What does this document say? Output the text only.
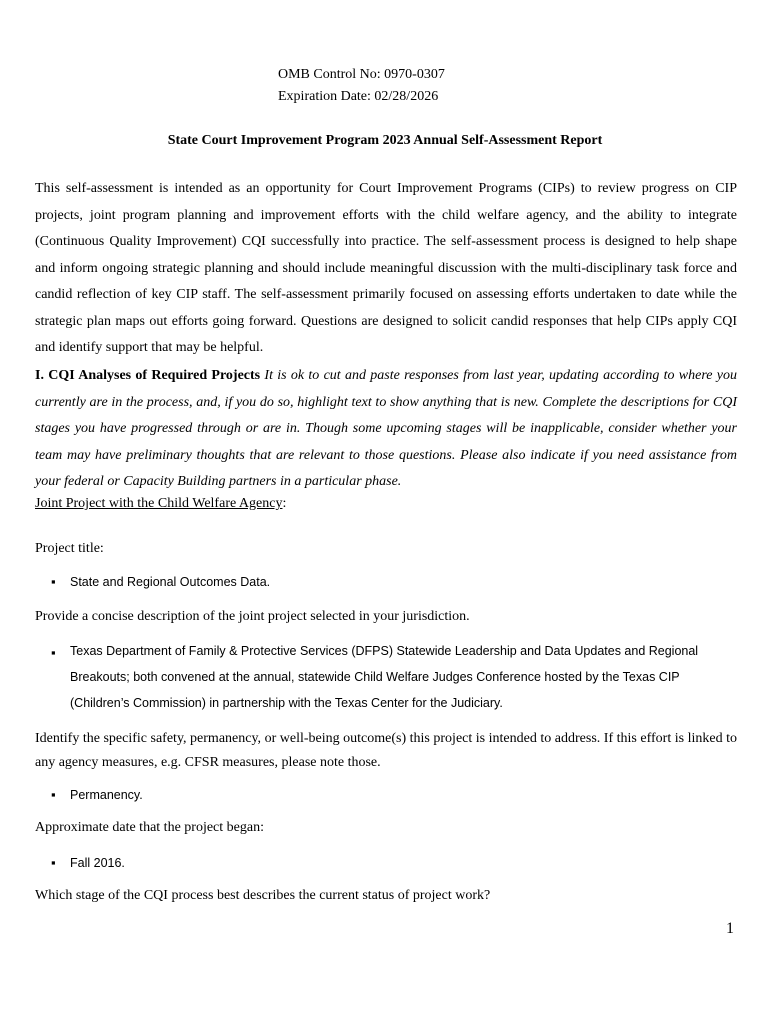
OMB Control No: 0970-0307
Expiration Date: 02/28/2026
State Court Improvement Program 2023 Annual Self-Assessment Report
This self-assessment is intended as an opportunity for Court Improvement Programs (CIPs) to review progress on CIP projects, joint program planning and improvement efforts with the child welfare agency, and the ability to integrate (Continuous Quality Improvement) CQI successfully into practice. The self-assessment process is designed to help shape and inform ongoing strategic planning and should include meaningful discussion with the multi-disciplinary task force and candid reflection of key CIP staff. The self-assessment primarily focused on assessing efforts undertaken to date while the strategic plan maps out efforts going forward. Questions are designed to solicit candid responses that help CIPs apply CQI and identify support that may be helpful.
I. CQI Analyses of Required Projects It is ok to cut and paste responses from last year, updating according to where you currently are in the process, and, if you do so, highlight text to show anything that is new. Complete the descriptions for CQI stages you have progressed through or are in. Though some upcoming stages will be inapplicable, consider whether your team may have preliminary thoughts that are relevant to those questions. Please also indicate if you need assistance from your federal or Capacity Building partners in a particular phase.
Joint Project with the Child Welfare Agency:
Project title:
▪ State and Regional Outcomes Data.
Provide a concise description of the joint project selected in your jurisdiction.
▪ Texas Department of Family & Protective Services (DFPS) Statewide Leadership and Data Updates and Regional Breakouts; both convened at the annual, statewide Child Welfare Judges Conference hosted by the Texas CIP (Children’s Commission) in partnership with the Texas Center for the Judiciary.
Identify the specific safety, permanency, or well-being outcome(s) this project is intended to address. If this effort is linked to any agency measures, e.g. CFSR measures, please note those.
▪ Permanency.
Approximate date that the project began:
▪ Fall 2016.
Which stage of the CQI process best describes the current status of project work?
1
